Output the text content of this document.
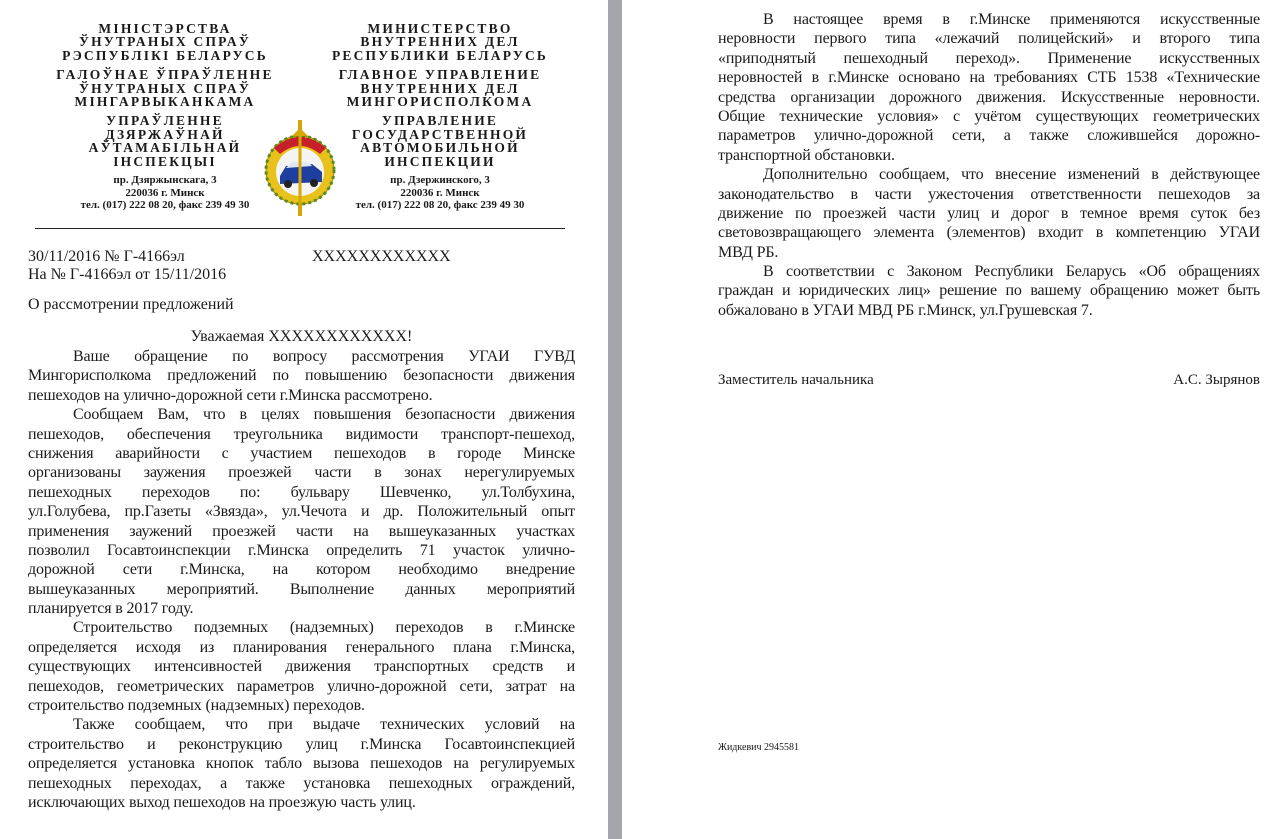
МІНІСТЭРСТВА
ЎНУТРАНЫХ СПРАЎ
РЭСПУБЛІКІ БЕЛАРУСЬ
ГАЛОЎНАЕ ЎПРАЎЛЕННЕ
ЎНУТРАНЫХ СПРАЎ
МІНГАРВЫКАНКАМА
УПРАЎЛЕННЕ
ДЗЯРЖАЎНАЙ
АЎТАМАБІЛЬНАЙ
ІНСПЕКЦЫІ
пр. Дзяржынскага, 3
220036 г. Минск
тел. (017) 222 08 20, факс 239 49 30
МИНИСТЕРСТВО
ВНУТРЕННИХ ДЕЛ
РЕСПУБЛИКИ БЕЛАРУСЬ
ГЛАВНОЕ УПРАВЛЕНИЕ
ВНУТРЕННИХ ДЕЛ
МИНГОРИСПОЛКОМА
УПРАВЛЕНИЕ
ГОСУДАРСТВЕННОЙ
АВТОМОБИЛЬНОЙ
ИНСПЕКЦИИ
пр. Дзержинского, 3
220036 г. Минск
тел. (017) 222 08 20, факс 239 49 30
30/11/2016 № Г-4166эл
На № Г-4166эл от 15/11/2016
XXXXXXXXXXXX
О рассмотрении предложений
Уважаемая XXXXXXXXXXXX!
Ваше обращение по вопросу рассмотрения УГАИ ГУВД
Мингорисполкома предложений по повышению безопасности движения
пешеходов на улично-дорожной сети г.Минска рассмотрено.
Сообщаем Вам, что в целях повышения безопасности движения
пешеходов, обеспечения треугольника видимости транспорт-пешеход,
снижения аварийности с участием пешеходов в городе Минске
организованы заужения проезжей части в зонах нерегулируемых
пешеходных переходов по: бульвару Шевченко, ул.Толбухина,
ул.Голубева, пр.Газеты «Звязда», ул.Чечота и др. Положительный опыт
применения заужений проезжей части на вышеуказанных участках
позволил Госавтоинспекции г.Минска определить 71 участок улично-
дорожной сети г.Минска, на котором необходимо внедрение
вышеуказанных мероприятий. Выполнение данных мероприятий
планируется в 2017 году.
Строительство подземных (надземных) переходов в г.Минске
определяется исходя из планирования генерального плана г.Минска,
существующих интенсивностей движения транспортных средств и
пешеходов, геометрических параметров улично-дорожной сети, затрат на
строительство подземных (надземных) переходов.
Также сообщаем, что при выдаче технических условий на
строительство и реконструкцию улиц г.Минска Госавтоинспекцией
определяется установка кнопок табло вызова пешеходов на регулируемых
пешеходных переходах, а также установка пешеходных ограждений,
исключающих выход пешеходов на проезжую часть улиц.
В настоящее время в г.Минске применяются искусственные
неровности первого типа «лежачий полицейский» и второго типа
«приподнятый пешеходный переход». Применение искусственных
неровностей в г.Минске основано на требованиях СТБ 1538 «Технические
средства организации дорожного движения. Искусственные неровности.
Общие технические условия» с учётом существующих геометрических
параметров улично-дорожной сети, а также сложившейся дорожно-
транспортной обстановки.
Дополнительно сообщаем, что внесение изменений в действующее
законодательство в части ужесточения ответственности пешеходов за
движение по проезжей части улиц и дорог в темное время суток без
световозвращающего элемента (элементов) входит в компетенцию УГАИ
МВД РБ.
В соответствии с Законом Республики Беларусь «Об обращениях
граждан и юридических лиц» решение по вашему обращению может быть
обжаловано в УГАИ МВД РБ г.Минск, ул.Грушевская 7.
Заместитель начальника	А.С. Зырянов
Жидкевич 2945581
